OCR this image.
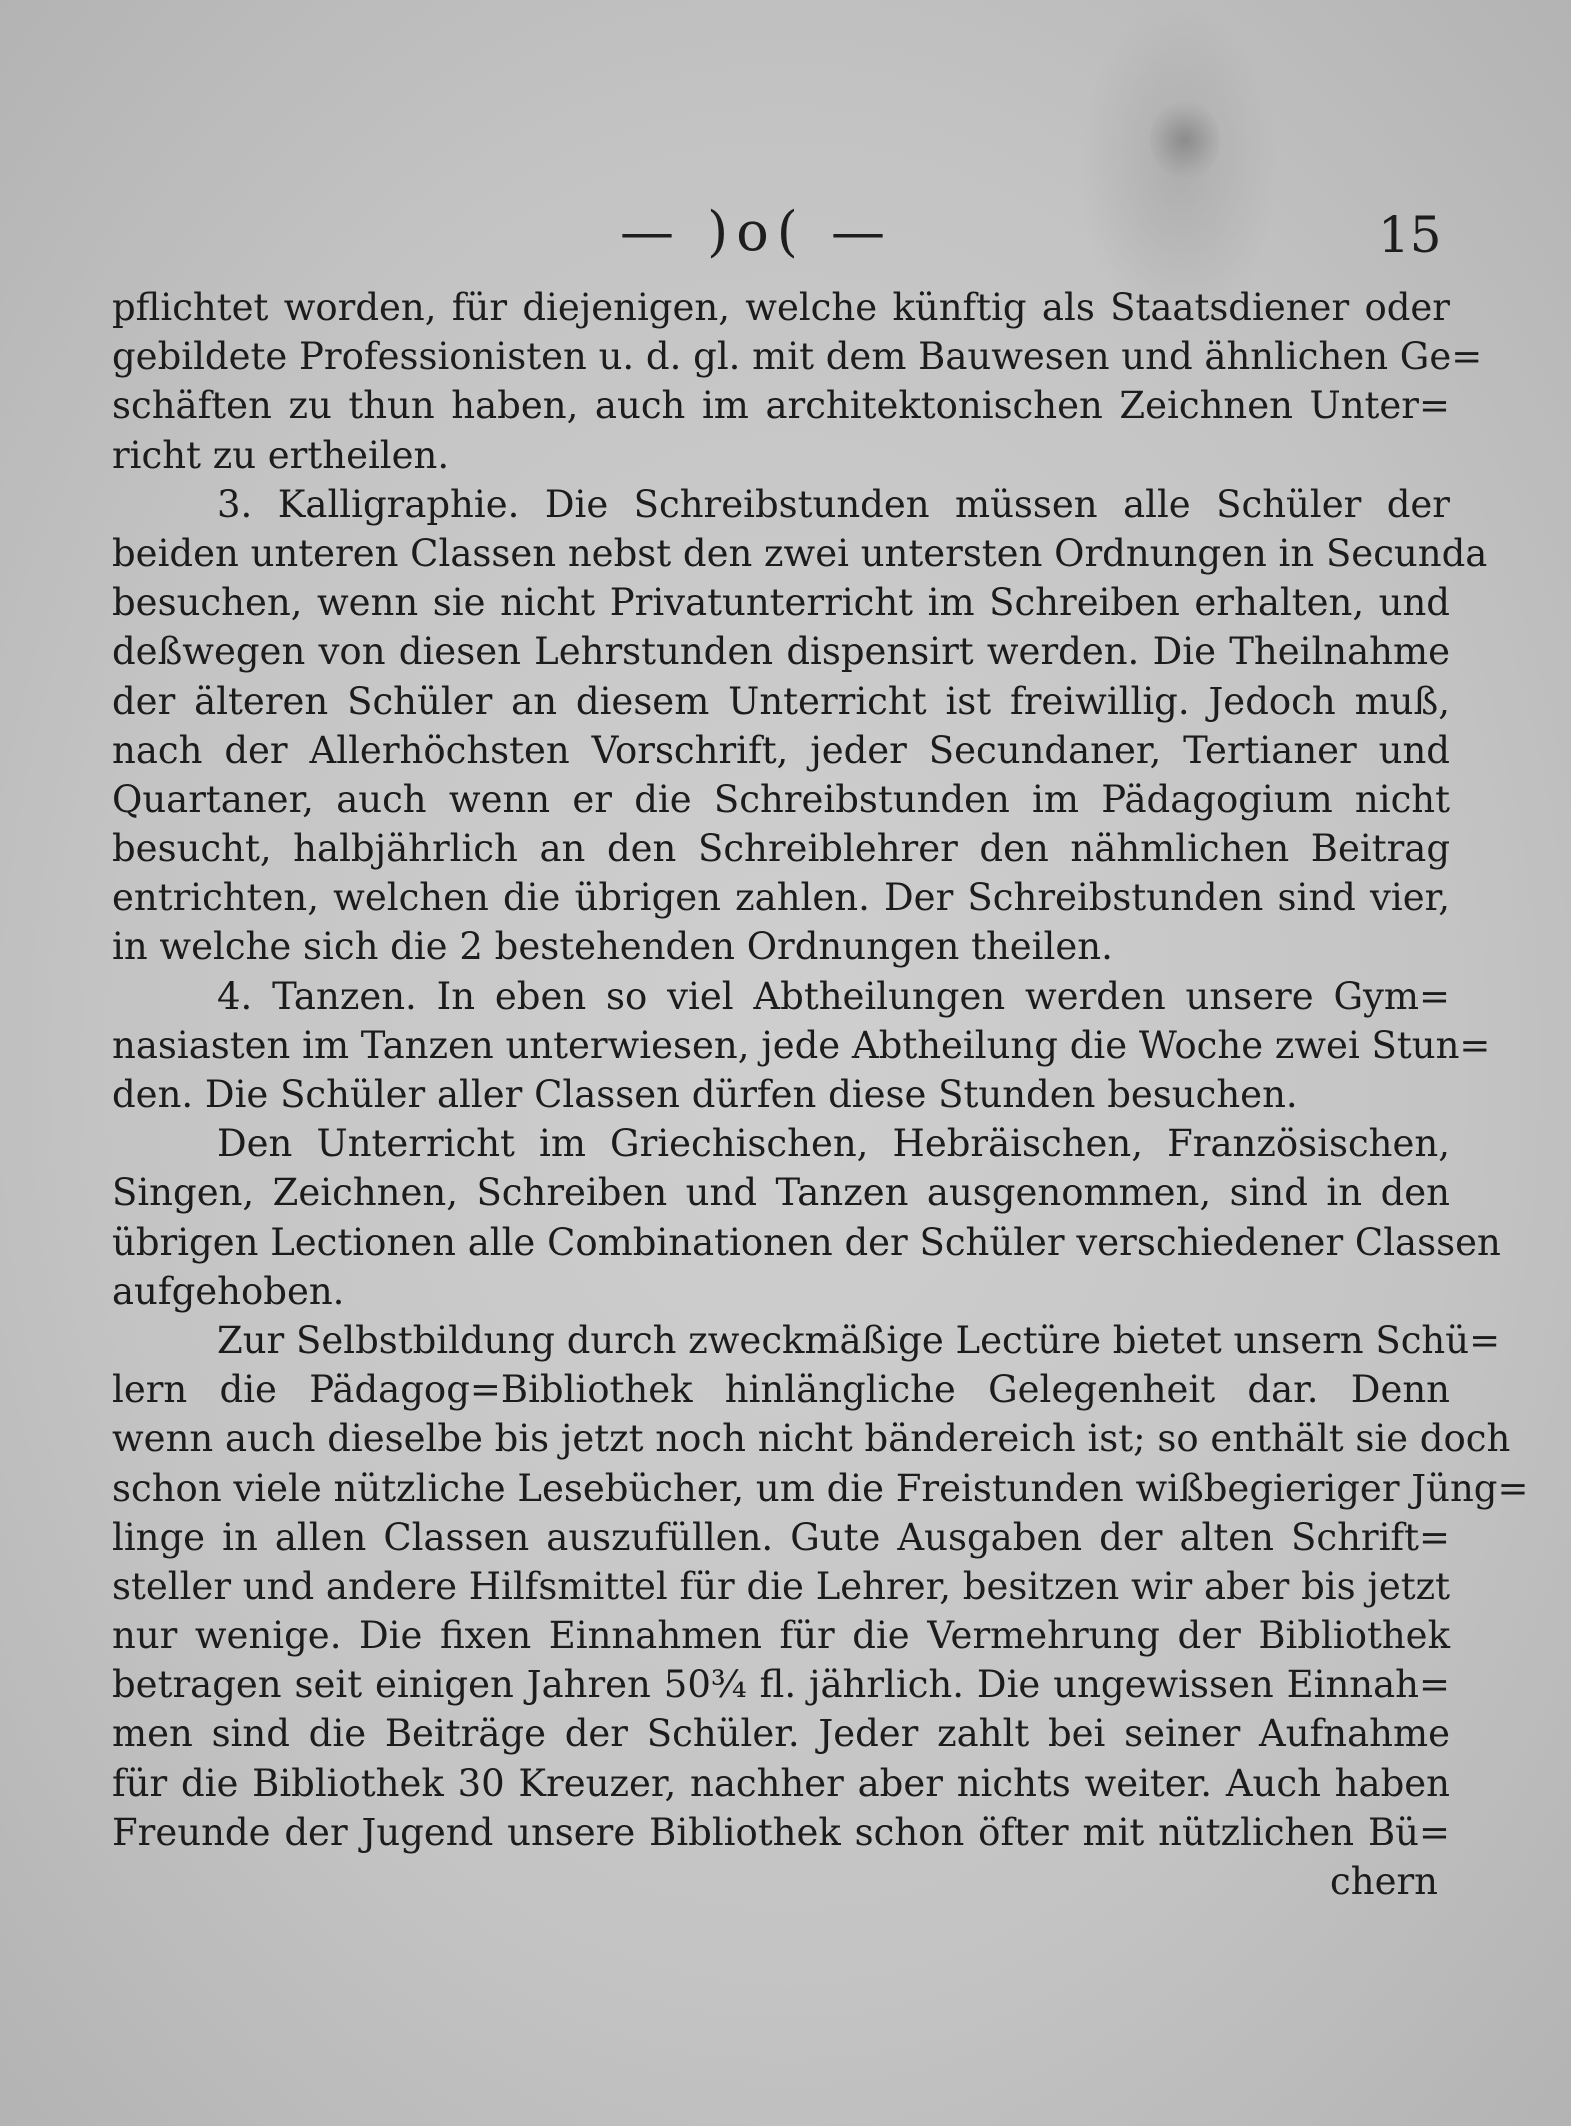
— )o( —	15
pflichtet worden, für diejenigen, welche künftig als Staatsdiener oder
gebildete Professionisten u. d. gl. mit dem Bauwesen und ähnlichen Ge=
schäften zu thun haben, auch im architektonischen Zeichnen Unter=
richt zu ertheilen.
3. Kalligraphie. Die Schreibstunden müssen alle Schüler der
beiden unteren Classen nebst den zwei untersten Ordnungen in Secunda
besuchen, wenn sie nicht Privatunterricht im Schreiben erhalten, und
deßwegen von diesen Lehrstunden dispensirt werden. Die Theilnahme
der älteren Schüler an diesem Unterricht ist freiwillig. Jedoch muß,
nach der Allerhöchsten Vorschrift, jeder Secundaner, Tertianer und
Quartaner, auch wenn er die Schreibstunden im Pädagogium nicht
besucht, halbjährlich an den Schreiblehrer den nähmlichen Beitrag
entrichten, welchen die übrigen zahlen. Der Schreibstunden sind vier,
in welche sich die 2 bestehenden Ordnungen theilen.
4. Tanzen. In eben so viel Abtheilungen werden unsere Gym=
nasiasten im Tanzen unterwiesen, jede Abtheilung die Woche zwei Stun=
den. Die Schüler aller Classen dürfen diese Stunden besuchen.
Den Unterricht im Griechischen, Hebräischen, Französischen,
Singen, Zeichnen, Schreiben und Tanzen ausgenommen, sind in den
übrigen Lectionen alle Combinationen der Schüler verschiedener Classen
aufgehoben.
Zur Selbstbildung durch zweckmäßige Lectüre bietet unsern Schü=
lern die Pädagog=Bibliothek hinlängliche Gelegenheit dar. Denn
wenn auch dieselbe bis jetzt noch nicht bändereich ist; so enthält sie doch
schon viele nützliche Lesebücher, um die Freistunden wißbegieriger Jüng=
linge in allen Classen auszufüllen. Gute Ausgaben der alten Schrift=
steller und andere Hilfsmittel für die Lehrer, besitzen wir aber bis jetzt
nur wenige. Die fixen Einnahmen für die Vermehrung der Bibliothek
betragen seit einigen Jahren 50¾ fl. jährlich. Die ungewissen Einnah=
men sind die Beiträge der Schüler. Jeder zahlt bei seiner Aufnahme
für die Bibliothek 30 Kreuzer, nachher aber nichts weiter. Auch haben
Freunde der Jugend unsere Bibliothek schon öfter mit nützlichen Bü=
chern
